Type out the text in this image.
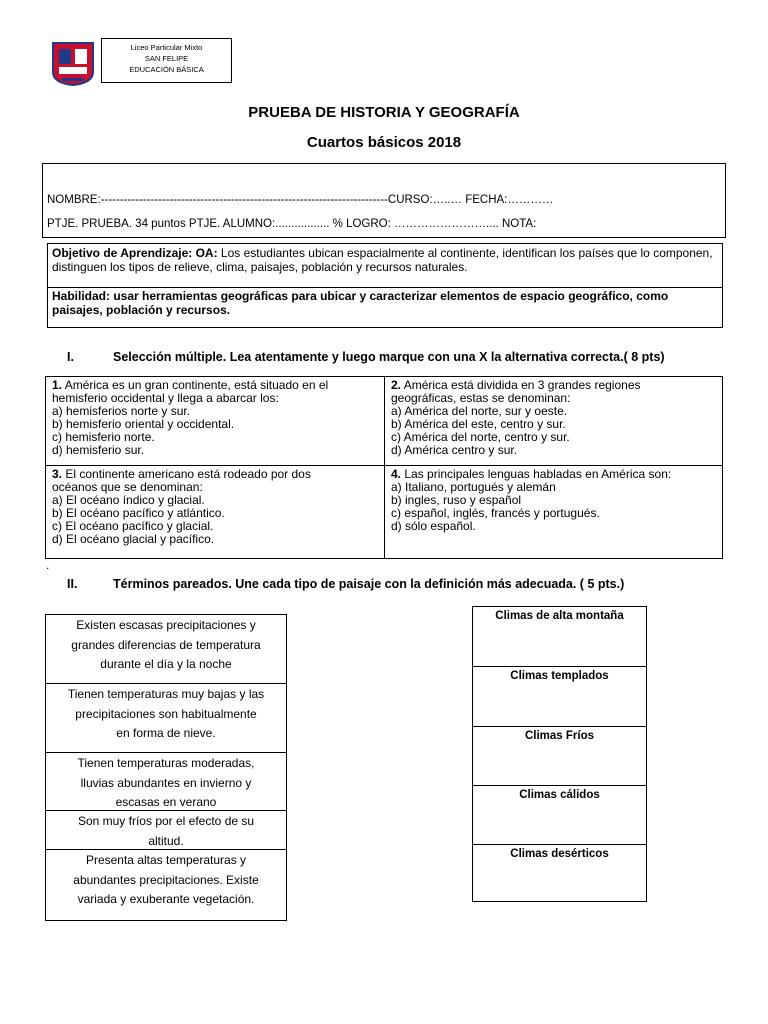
Liceo Particular Mixto
SAN FELIPE
EDUCACIÓN BÁSICA
PRUEBA DE HISTORIA Y GEOGRAFÍA
Cuartos básicos 2018
NOMBRE:---------------------------------------------------------------------------CURSO:…..… FECHA:…………
PTJE. PRUEBA. 34 puntos PTJE. ALUMNO:................. % LOGRO: …………………….... NOTA:
Objetivo de Aprendizaje: OA: Los estudiantes ubican espacialmente al continente, identifican los países que lo componen, distinguen los tipos de relieve, clima, paisajes, población y recursos naturales.
Habilidad: usar herramientas geográficas para ubicar y caracterizar elementos de espacio geográfico, como paisajes, población y recursos.
I.	Selección múltiple. Lea atentamente y luego marque con una X la alternativa correcta.( 8 pts)
1. América es un gran continente, está situado en el
hemisferio occidental y llega a abarcar los:
a) hemisferios norte y sur.
b) hemisferio oriental y occidental.
c) hemisferio norte.
d) hemisferio sur.
2. América está dividida en 3 grandes regiones
geográficas, estas se denominan:
a) América del norte, sur y oeste.
b) América del este, centro y sur.
c) América del norte, centro y sur.
d) América centro y sur.
3. El continente americano está rodeado por dos
océanos que se denominan:
a) El océano índico y glacial.
b) El océano pacífico y atlántico.
c) El océano pacífico y glacial.
d) El océano glacial y pacífico.
4. Las principales lenguas habladas en América son:
a) Italiano, portugués y alemán
b) ingles, ruso y español
c) español, inglés, francés y portugués.
d) sólo español.
.
II.	Términos pareados. Une cada tipo de paisaje con la definición más adecuada. ( 5 pts.)
Existen escasas precipitaciones y
grandes diferencias de temperatura
durante el día y la noche
Tienen temperaturas muy bajas y las
precipitaciones son habitualmente
en forma de nieve.
Tienen temperaturas moderadas,
lluvias abundantes en invierno y
escasas en verano
Son muy fríos por el efecto de su
altitud.
Presenta altas temperaturas y
abundantes precipitaciones. Existe
variada y exuberante vegetación.
Climas de alta montaña
Climas templados
Climas Fríos
Climas cálidos
Climas desérticos
